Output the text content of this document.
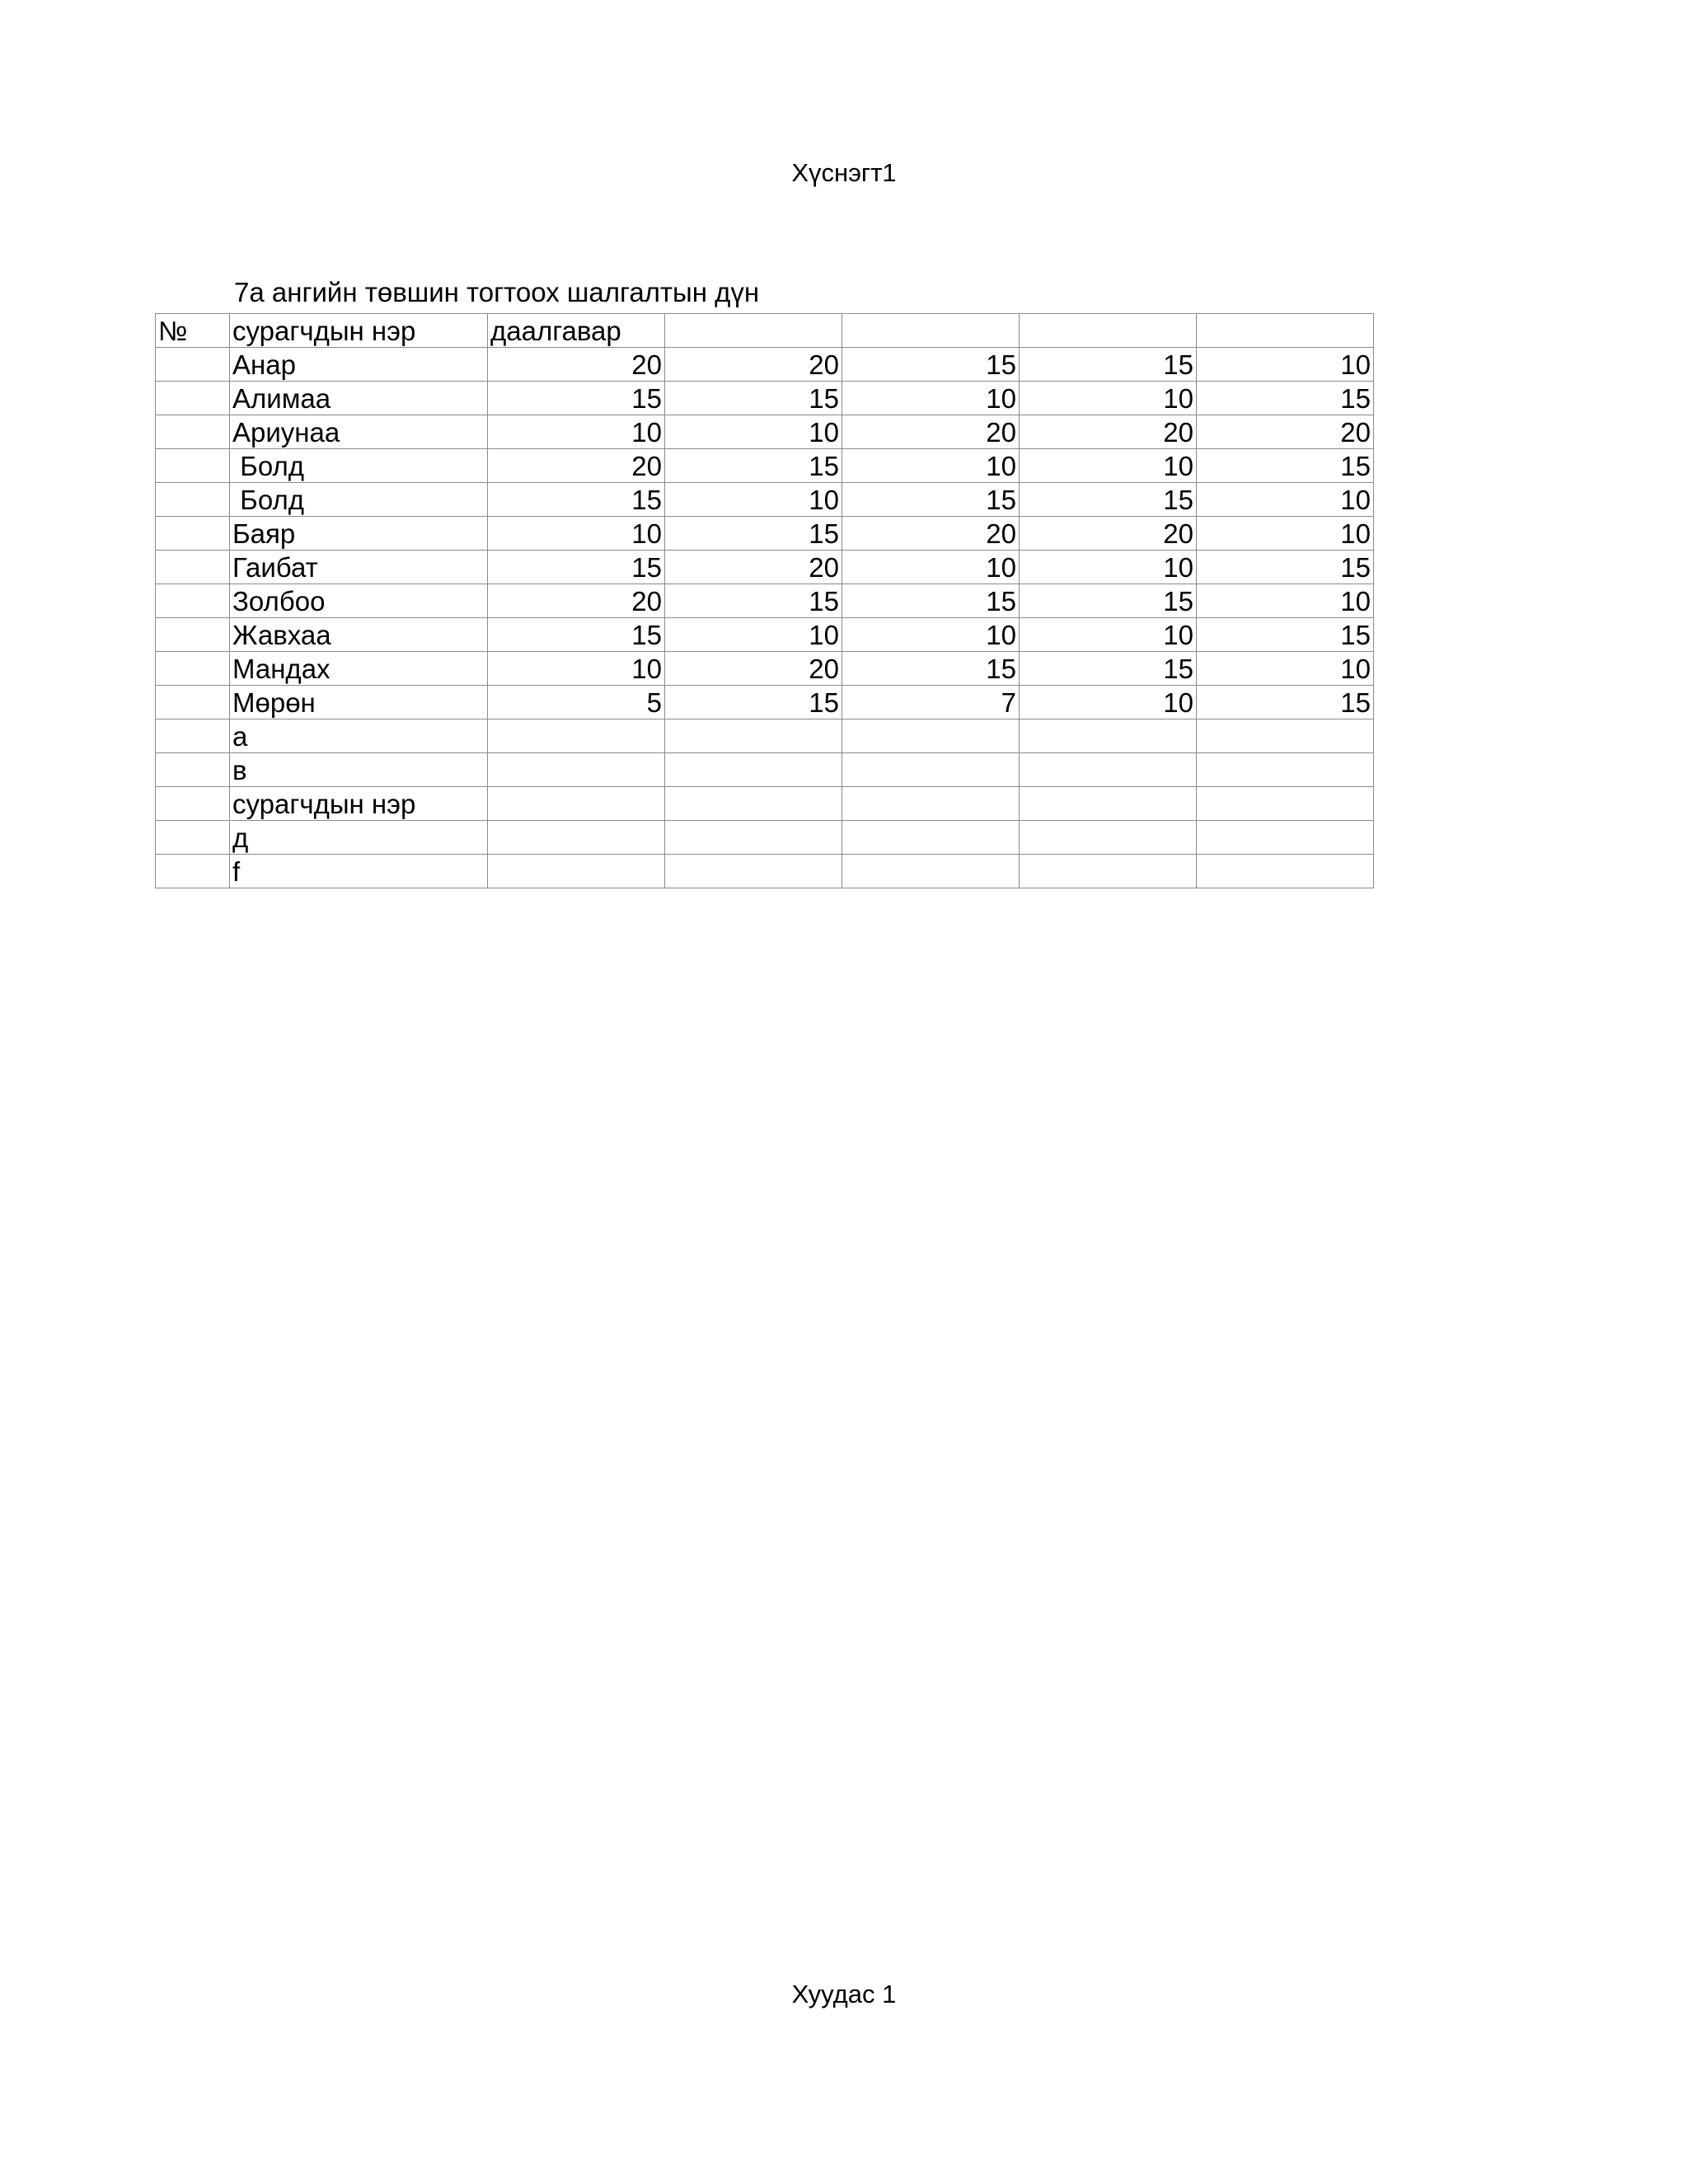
Хүснэгт1
7а ангийн төвшин тогтоох шалгалтын дүн
№	сурагчдын нэр	даалгавар				
	Анар	20	20	15	15	10
	Алимаа	15	15	10	10	15
	Ариунаа	10	10	20	20	20
	Болд	20	15	10	10	15
	Болд	15	10	15	15	10
	Баяр	10	15	20	20	10
	Гаибат	15	20	10	10	15
	Золбоо	20	15	15	15	10
	Жавхаа	15	10	10	10	15
	Мандах	10	20	15	15	10
	Мөрөн	5	15	7	10	15
	а					
	в					
	сурагчдын нэр					
	д					
	f					
Хуудас 1
